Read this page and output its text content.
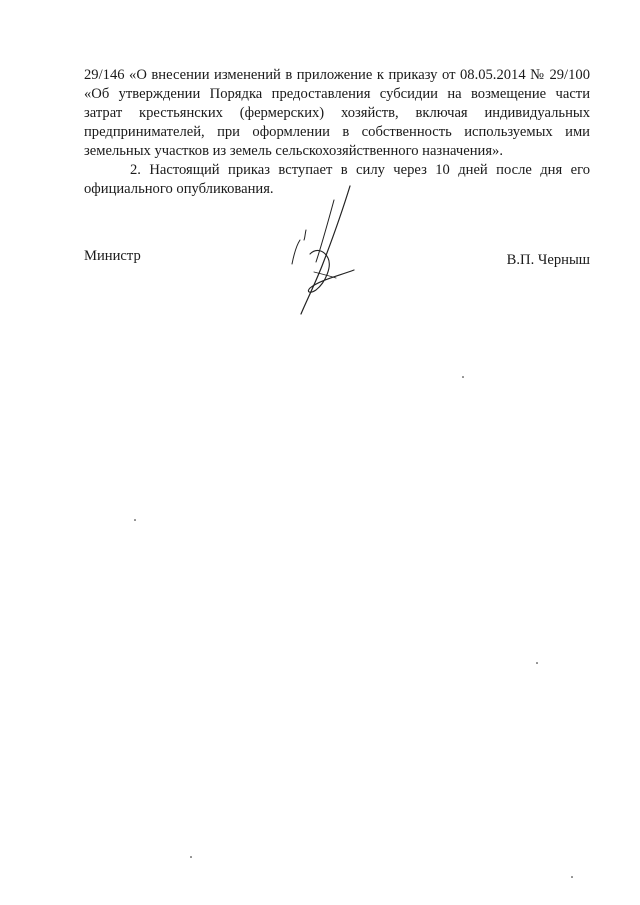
29/146 «О внесении изменений в приложение к приказу от 08.05.2014 № 29/100
«Об утверждении Порядка предоставления субсидии на возмещение части
затрат крестьянских (фермерских) хозяйств, включая индивидуальных
предпринимателей, при оформлении в собственность используемых ими
земельных участков из земель сельскохозяйственного назначения».

2. Настоящий приказ вступает в силу через 10 дней после дня его
официального опубликования.

Министр	В.П. Черныш
